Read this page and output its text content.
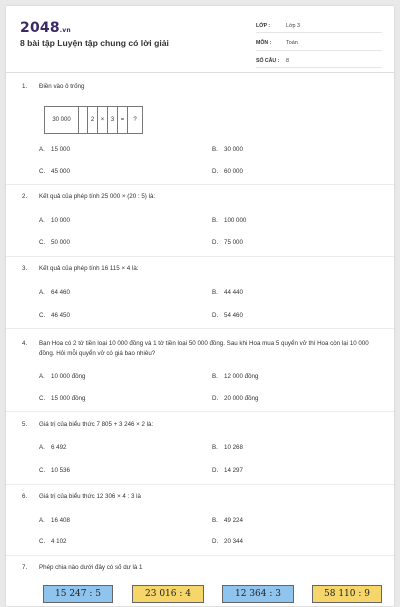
2048.vn
8 bài tập Luyện tập chung có lời giải
LỚP :	Lớp 3
MÔN :	Toán
SỐ CÂU :	8
1. Điền vào ô trống
30 000	2	×	3	=	?
A. 15 000	B. 30 000
C. 45 000	D. 60 000
2. Kết quả của phép tính 25 000 × (20 : 5) là:
A. 10 000	B. 100 000
C. 50 000	D. 75 000
3. Kết quả của phép tính 16 115 × 4 là:
A. 64 460	B. 44 440
C. 46 450	D. 54 460
4. Bạn Hoa có 2 tờ tiền loại 10 000 đồng và 1 tờ tiền loại 50 000 đồng. Sau khi Hoa mua 5 quyển vở thì Hoa còn lại 10 000 đồng. Hỏi mỗi quyển vở có giá bao nhiêu?
A. 10 000 đồng	B. 12 000 đồng
C. 15 000 đồng	D. 20 000 đồng
5. Giá trị của biểu thức 7 805 + 3 246 × 2 là:
A. 6 492	B. 10 268
C. 10 536	D. 14 297
6. Giá trị của biểu thức 12 306 × 4 : 3 là
A. 16 408	B. 49 224
C. 4 102	D. 20 344
7. Phép chia nào dưới đây có số dư là 1
15 247 : 5	23 016 : 4	12 364 : 3	58 110 : 9
